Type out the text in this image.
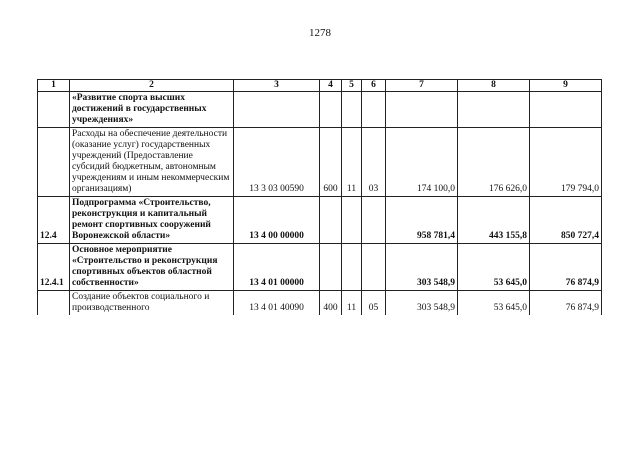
1278
1	2	3	4	5	6	7	8	9
	«Развитие спорта высших достижений в государственных учреждениях»							
	Расходы на обеспечение деятельности (оказание услуг) государственных учреждений (Предоставление субсидий бюджетным, автономным учреждениям и иным некоммерческим организациям)	13 3 03 00590	600	11	03	174 100,0	176 626,0	179 794,0
12.4	Подпрограмма «Строительство, реконструкция и капитальный ремонт спортивных сооружений Воронежской области»	13 4 00 00000				958 781,4	443 155,8	850 727,4
12.4.1	Основное мероприятие «Строительство и реконструкция спортивных объектов областной собственности»	13 4 01 00000				303 548,9	53 645,0	76 874,9
	Создание объектов социального и производственного	13 4 01 40090	400	11	05	303 548,9	53 645,0	76 874,9
